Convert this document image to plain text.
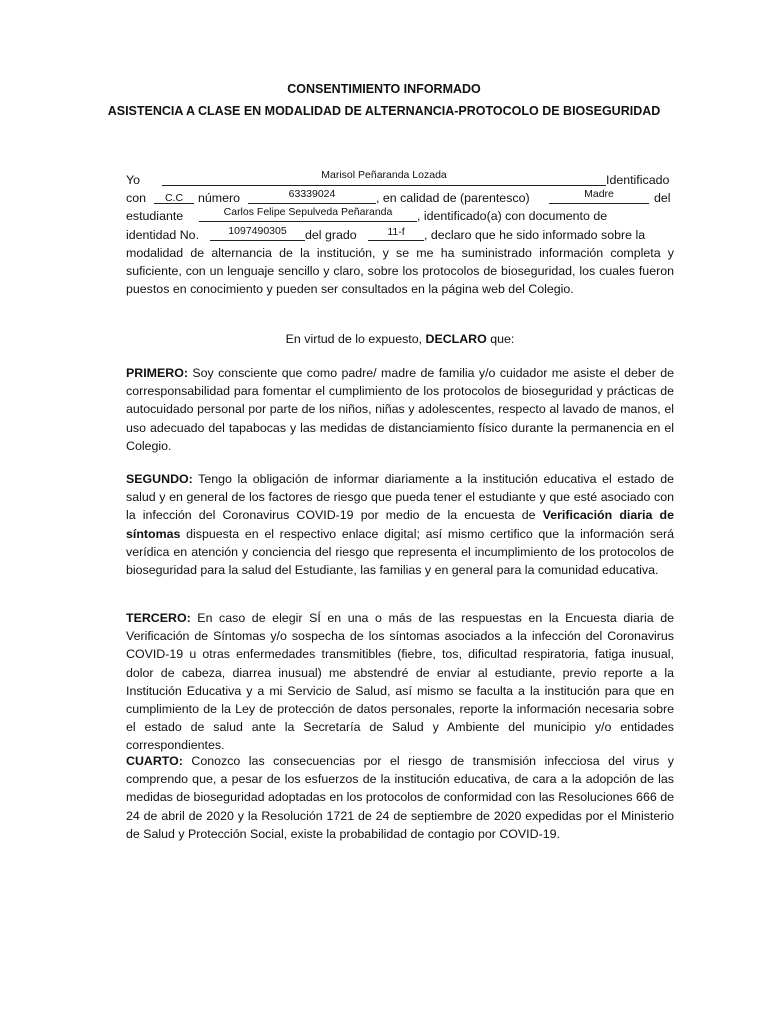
CONSENTIMIENTO INFORMADO
ASISTENCIA A CLASE EN MODALIDAD DE ALTERNANCIA-PROTOCOLO DE BIOSEGURIDAD
Yo	Marisol Peñaranda Lozada	Identificado
con	C.C	número	63339024	, en calidad de (parentesco)	Madre	del
estudiante	Carlos Felipe Sepulveda Peñaranda	, identificado(a) con documento de
identidad No.	1097490305	del grado	11-f	, declaro que he sido informado sobre la
modalidad de alternancia de la institución, y se me ha suministrado información completa y suficiente, con un lenguaje sencillo y claro, sobre los protocolos de bioseguridad, los cuales fueron puestos en conocimiento y pueden ser consultados en la página web del Colegio.
En virtud de lo expuesto, DECLARO que:
PRIMERO: Soy consciente que como padre/ madre de familia y/o cuidador me asiste el deber de corresponsabilidad para fomentar el cumplimiento de los protocolos de bioseguridad y prácticas de autocuidado personal por parte de los niños, niñas y adolescentes, respecto al lavado de manos, el uso adecuado del tapabocas y las medidas de distanciamiento físico durante la permanencia en el Colegio.
SEGUNDO: Tengo la obligación de informar diariamente a la institución educativa el estado de salud y en general de los factores de riesgo que pueda tener el estudiante y que esté asociado con la infección del Coronavirus COVID-19 por medio de la encuesta de Verificación diaria de síntomas dispuesta en el respectivo enlace digital; así mismo certifico que la información será verídica en atención y conciencia del riesgo que representa el incumplimiento de los protocolos de bioseguridad para la salud del Estudiante, las familias y en general para la comunidad educativa.
TERCERO: En caso de elegir SÍ en una o más de las respuestas en la Encuesta diaria de Verificación de Síntomas y/o sospecha de los síntomas asociados a la infección del Coronavirus COVID-19 u otras enfermedades transmitibles (fiebre, tos, dificultad respiratoria, fatiga inusual, dolor de cabeza, diarrea inusual) me abstendré de enviar al estudiante, previo reporte a la Institución Educativa y a mi Servicio de Salud, así mismo se faculta a la institución para que en cumplimiento de la Ley de protección de datos personales, reporte la información necesaria sobre el estado de salud ante la Secretaría de Salud y Ambiente del municipio y/o entidades correspondientes.
CUARTO: Conozco las consecuencias por el riesgo de transmisión infecciosa del virus y comprendo que, a pesar de los esfuerzos de la institución educativa, de cara a la adopción de las medidas de bioseguridad adoptadas en los protocolos de conformidad con las Resoluciones 666 de 24 de abril de 2020 y la Resolución 1721 de 24 de septiembre de 2020 expedidas por el Ministerio de Salud y Protección Social, existe la probabilidad de contagio por COVID-19.
